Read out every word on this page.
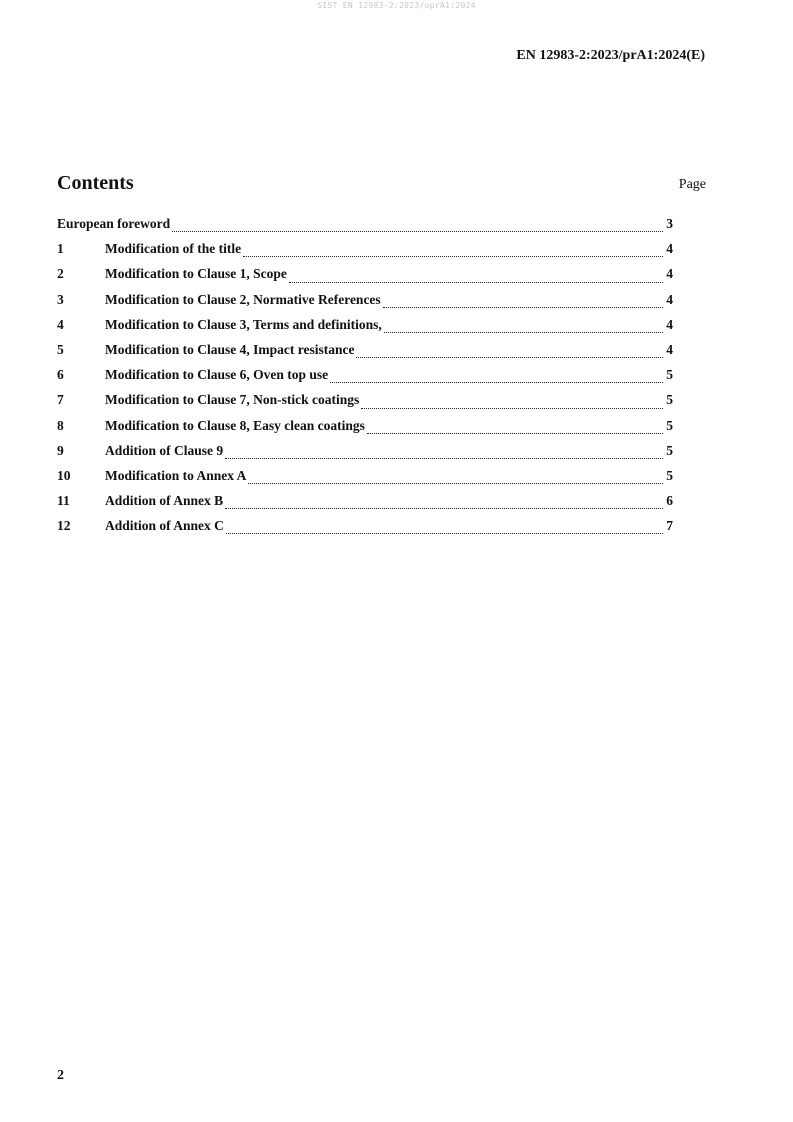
SIST EN 12983-2:2023/oprA1:2024
EN 12983-2:2023/prA1:2024(E)
Contents	Page
European foreword	3
1	Modification of the title	4
2	Modification to Clause 1, Scope	4
3	Modification to Clause 2, Normative References	4
4	Modification to Clause 3, Terms and definitions,	4
5	Modification to Clause 4, Impact resistance	4
6	Modification to Clause 6, Oven top use	5
7	Modification to Clause 7, Non-stick coatings	5
8	Modification to Clause 8, Easy clean coatings	5
9	Addition of Clause 9	5
10	Modification to Annex A	5
11	Addition of Annex B	6
12	Addition of Annex C	7
2
